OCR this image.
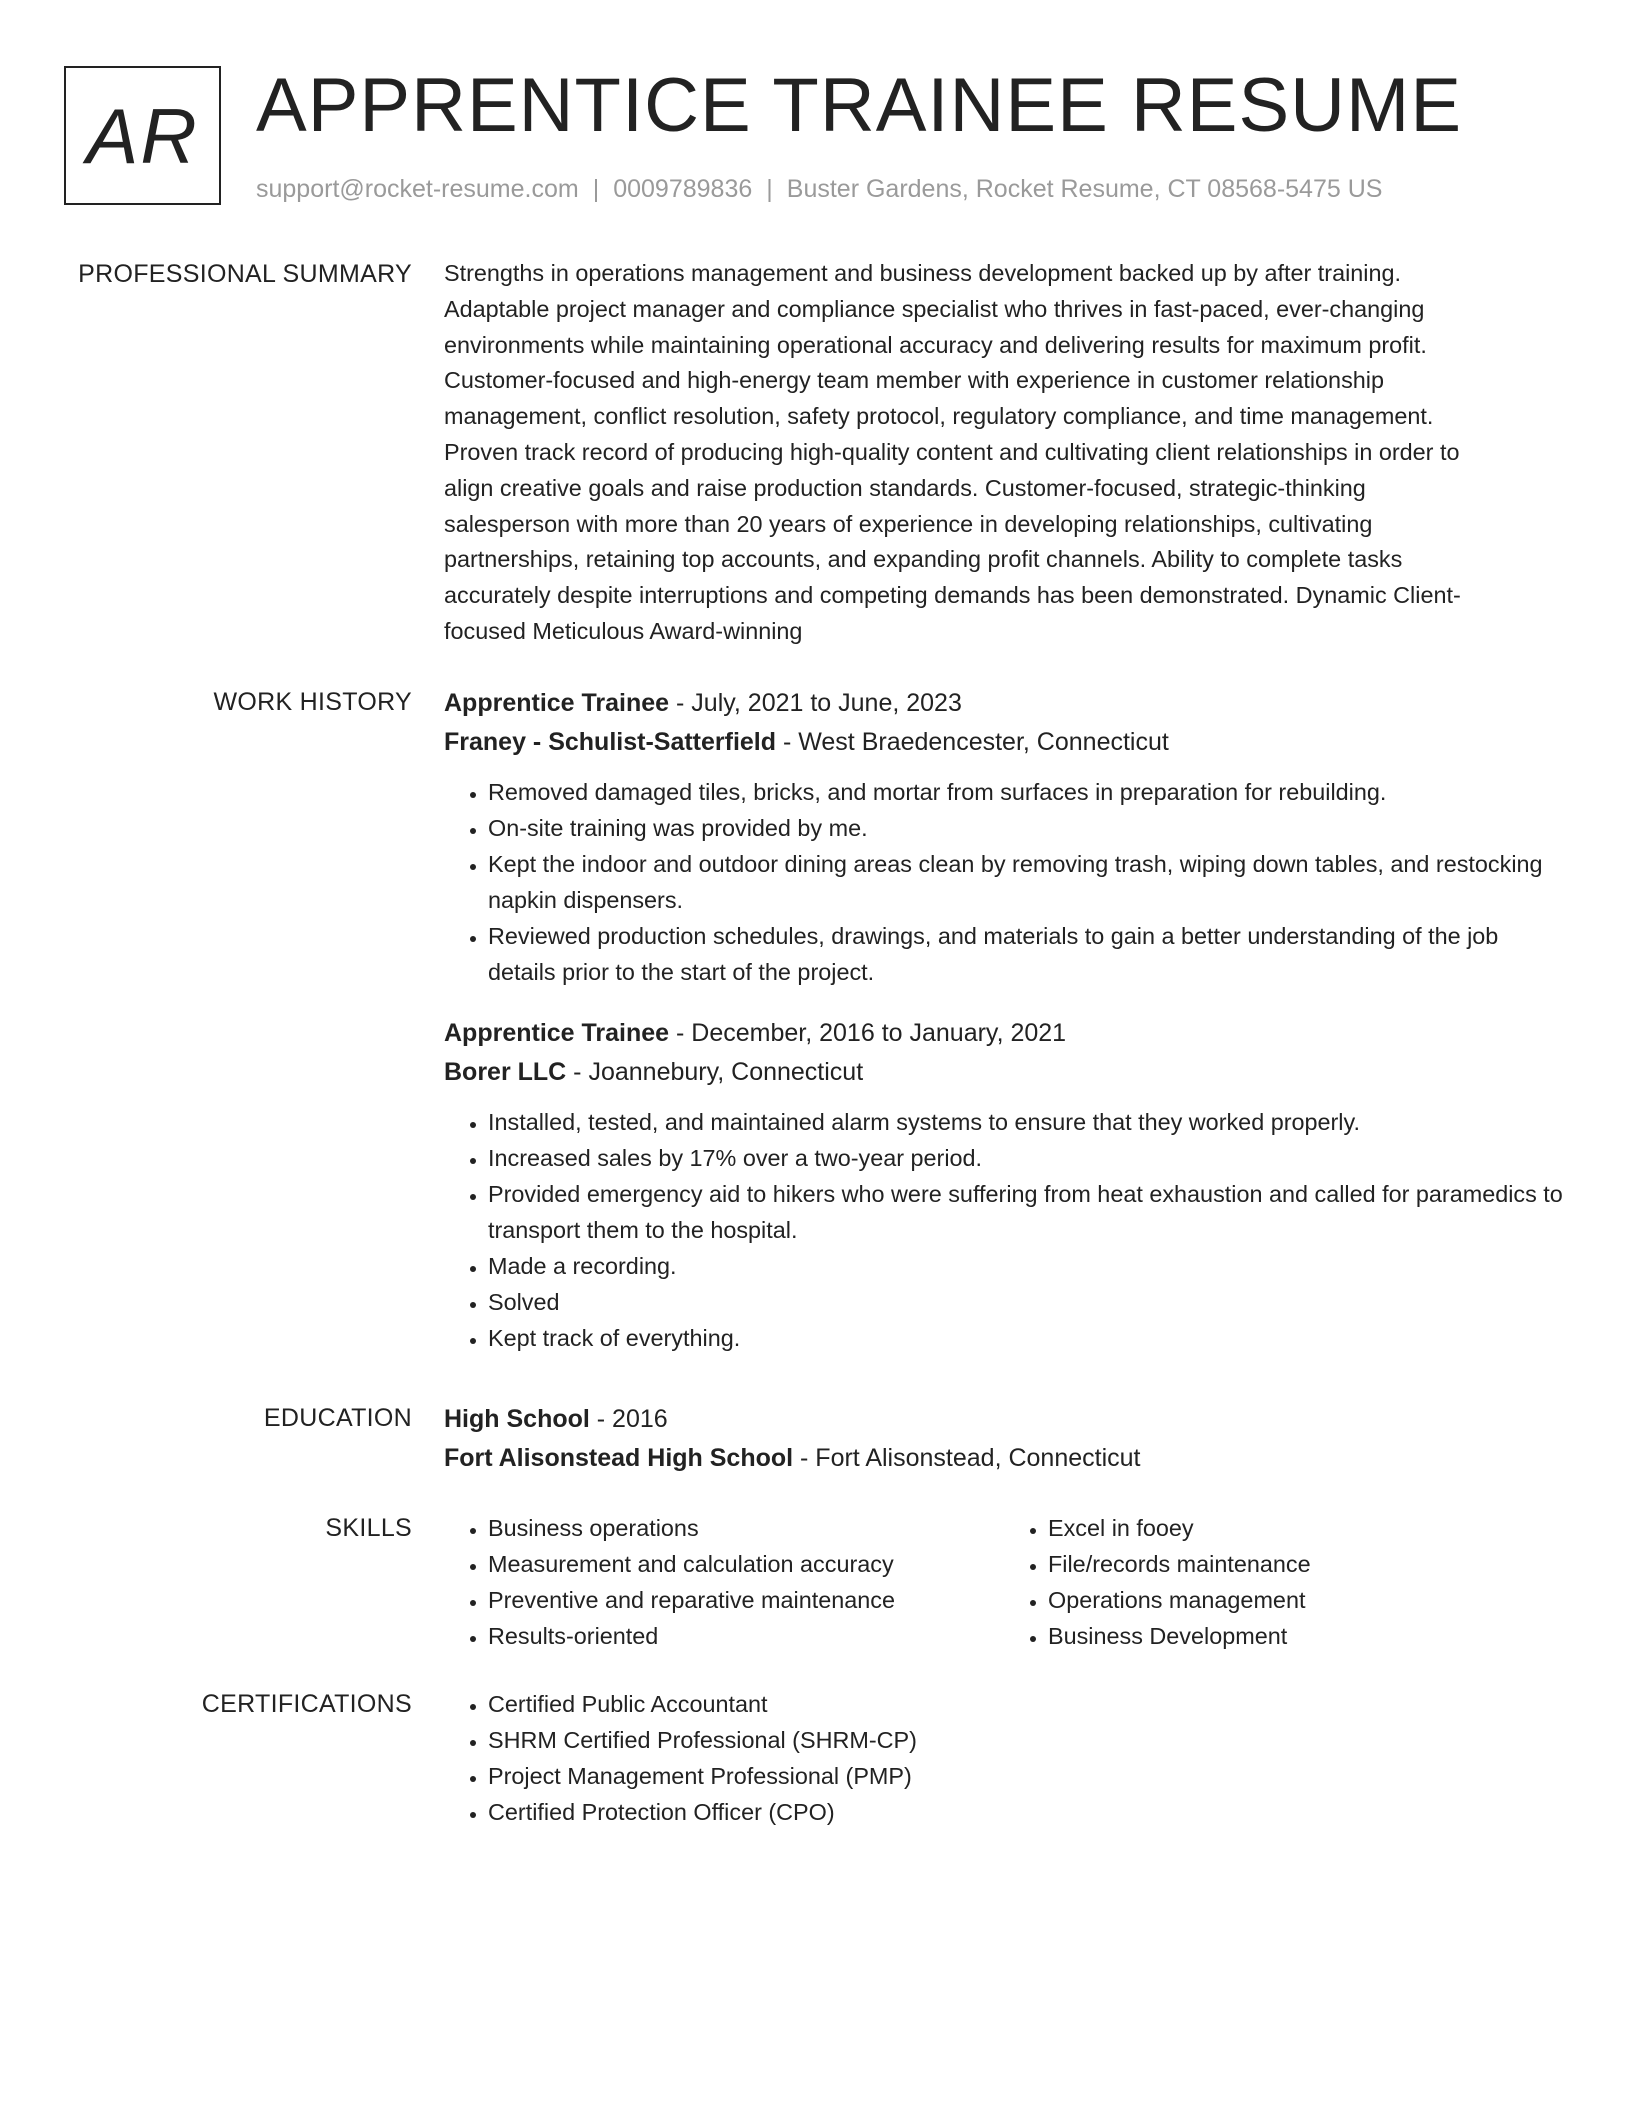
AR APPRENTICE TRAINEE RESUME
support@rocket-resume.com | 0009789836 | Buster Gardens, Rocket Resume, CT 08568-5475 US
PROFESSIONAL SUMMARY Strengths in operations management and business development backed up by after training.
Adaptable project manager and compliance specialist who thrives in fast-paced, ever-changing
environments while maintaining operational accuracy and delivering results for maximum profit.
Customer-focused and high-energy team member with experience in customer relationship
management, conflict resolution, safety protocol, regulatory compliance, and time management.
Proven track record of producing high-quality content and cultivating client relationships in order to
align creative goals and raise production standards. Customer-focused, strategic-thinking
salesperson with more than 20 years of experience in developing relationships, cultivating
partnerships, retaining top accounts, and expanding profit channels. Ability to complete tasks
accurately despite interruptions and competing demands has been demonstrated. Dynamic Client-
focused Meticulous Award-winning

WORK HISTORY Apprentice Trainee - July, 2021 to June, 2023
Franey - Schulist-Satterfield - West Braedencester, Connecticut
• Removed damaged tiles, bricks, and mortar from surfaces in preparation for rebuilding.
• On-site training was provided by me.
• Kept the indoor and outdoor dining areas clean by removing trash, wiping down tables, and restocking napkin dispensers.
• Reviewed production schedules, drawings, and materials to gain a better understanding of the job details prior to the start of the project.
Apprentice Trainee - December, 2016 to January, 2021
Borer LLC - Joannebury, Connecticut
• Installed, tested, and maintained alarm systems to ensure that they worked properly.
• Increased sales by 17% over a two-year period.
• Provided emergency aid to hikers who were suffering from heat exhaustion and called for paramedics to transport them to the hospital.
• Made a recording.
• Solved
• Kept track of everything.
EDUCATION High School - 2016
Fort Alisonstead High School - Fort Alisonstead, Connecticut
SKILLS	• Business operations
• Measurement and calculation accuracy
• Preventive and reparative maintenance
• Results-oriented
• Excel in fooey
• File/records maintenance
• Operations management
• Business Development
CERTIFICATIONS	• Certified Public Accountant
• SHRM Certified Professional (SHRM-CP)
• Project Management Professional (PMP)
• Certified Protection Officer (CPO)
